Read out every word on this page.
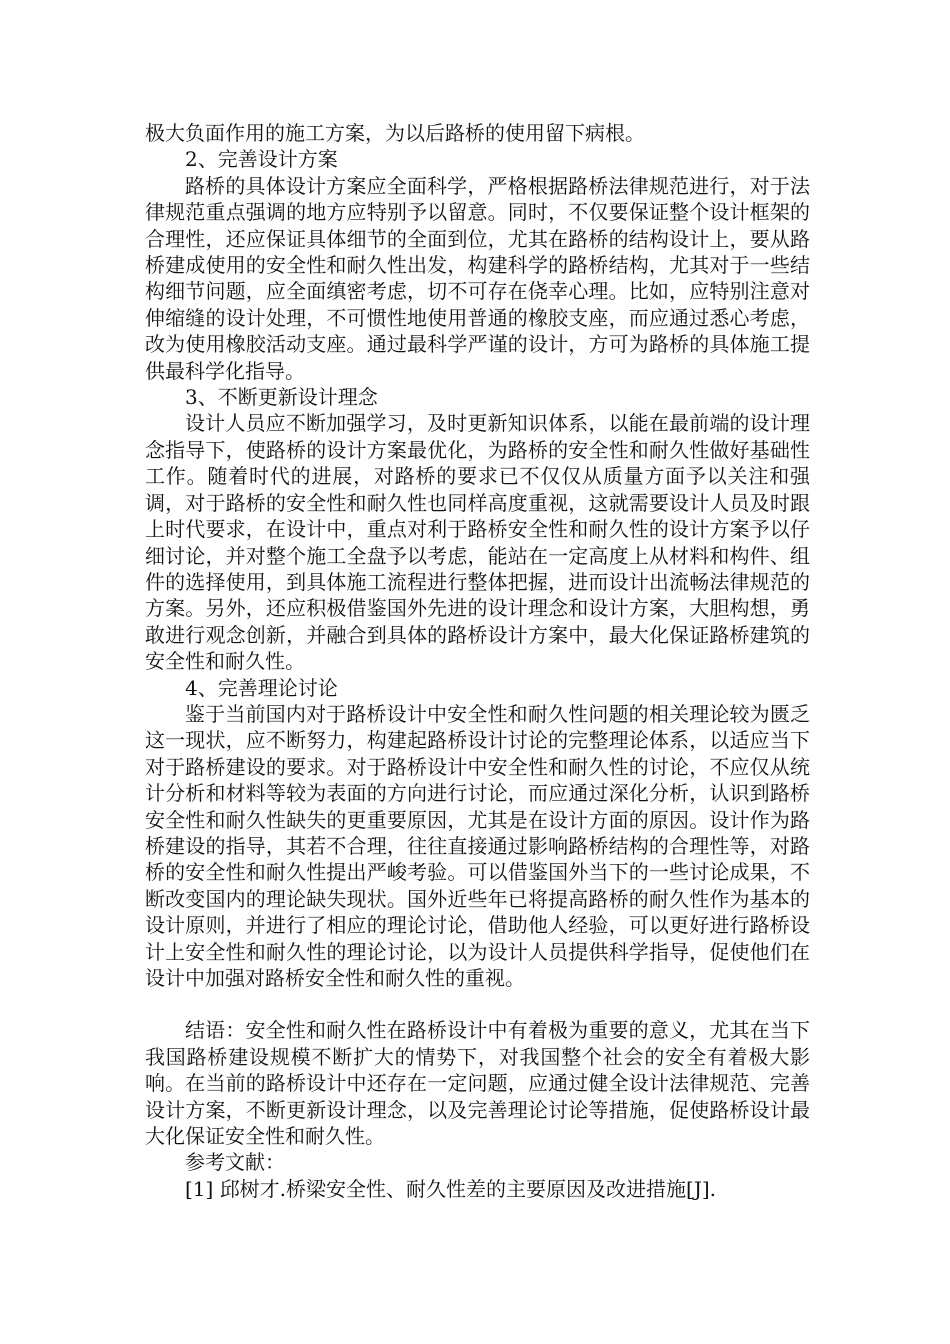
极大负面作用的施工方案，为以后路桥的使用留下病根。

2、完善设计方案

路桥的具体设计方案应全面科学，严格根据路桥法律规范进行，对于法律规范重点强调的地方应特别予以留意。同时，不仅要保证整个设计框架的合理性，还应保证具体细节的全面到位，尤其在路桥的结构设计上，要从路桥建成使用的安全性和耐久性出发，构建科学的路桥结构，尤其对于一些结构细节问题，应全面缜密考虑，切不可存在侥幸心理。比如，应特别注意对伸缩缝的设计处理，不可惯性地使用普通的橡胶支座，而应通过悉心考虑，改为使用橡胶活动支座。通过最科学严谨的设计，方可为路桥的具体施工提供最科学化指导。

3、不断更新设计理念

设计人员应不断加强学习，及时更新知识体系，以能在最前端的设计理念指导下，使路桥的设计方案最优化，为路桥的安全性和耐久性做好基础性工作。随着时代的进展，对路桥的要求已不仅仅从质量方面予以关注和强调，对于路桥的安全性和耐久性也同样高度重视，这就需要设计人员及时跟上时代要求，在设计中，重点对利于路桥安全性和耐久性的设计方案予以仔细讨论，并对整个施工全盘予以考虑，能站在一定高度上从材料和构件、组件的选择使用，到具体施工流程进行整体把握，进而设计出流畅法律规范的方案。另外，还应积极借鉴国外先进的设计理念和设计方案，大胆构想，勇敢进行观念创新，并融合到具体的路桥设计方案中，最大化保证路桥建筑的安全性和耐久性。

4、完善理论讨论

鉴于当前国内对于路桥设计中安全性和耐久性问题的相关理论较为匮乏这一现状，应不断努力，构建起路桥设计讨论的完整理论体系，以适应当下对于路桥建设的要求。对于路桥设计中安全性和耐久性的讨论，不应仅从统计分析和材料等较为表面的方向进行讨论，而应通过深化分析，认识到路桥安全性和耐久性缺失的更重要原因，尤其是在设计方面的原因。设计作为路桥建设的指导，其若不合理，往往直接通过影响路桥结构的合理性等，对路桥的安全性和耐久性提出严峻考验。可以借鉴国外当下的一些讨论成果，不断改变国内的理论缺失现状。国外近些年已将提高路桥的耐久性作为基本的设计原则，并进行了相应的理论讨论，借助他人经验，可以更好进行路桥设计上安全性和耐久性的理论讨论，以为设计人员提供科学指导，促使他们在设计中加强对路桥安全性和耐久性的重视。

结语：安全性和耐久性在路桥设计中有着极为重要的意义，尤其在当下我国路桥建设规模不断扩大的情势下，对我国整个社会的安全有着极大影响。在当前的路桥设计中还存在一定问题，应通过健全设计法律规范、完善设计方案，不断更新设计理念，以及完善理论讨论等措施，促使路桥设计最大化保证安全性和耐久性。

参考文献：

[1] 邱树才.桥梁安全性、耐久性差的主要原因及改进措施[J].
